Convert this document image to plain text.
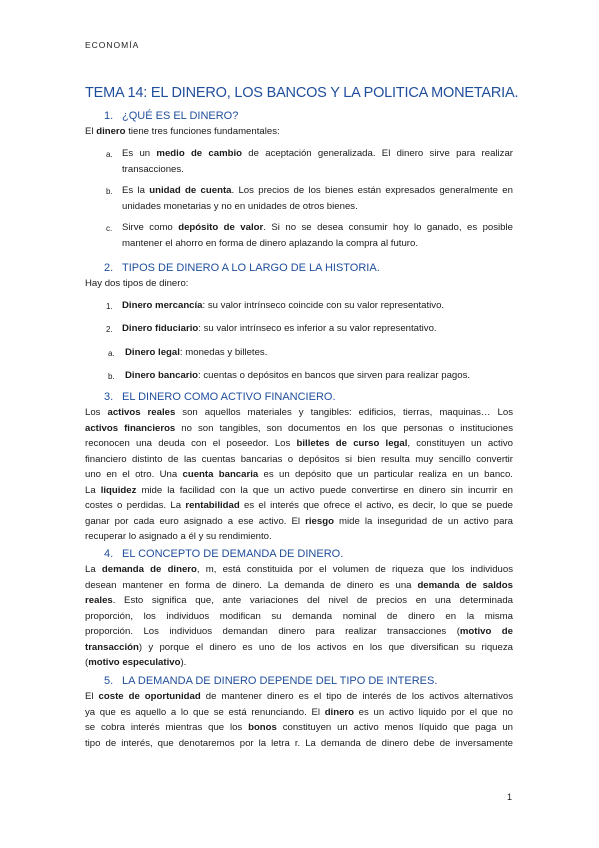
ECONOMÍA
TEMA 14: EL DINERO, LOS BANCOS Y LA POLITICA MONETARIA.
1. ¿QUÉ ES EL DINERO?
El dinero tiene tres funciones fundamentales:
a. Es un medio de cambio de aceptación generalizada. El dinero sirve para realizar
transacciones.
b. Es la unidad de cuenta. Los precios de los bienes están expresados generalmente en
unidades monetarias y no en unidades de otros bienes.
c. Sirve como depósito de valor. Si no se desea consumir hoy lo ganado, es posible
mantener el ahorro en forma de dinero aplazando la compra al futuro.
2. TIPOS DE DINERO A LO LARGO DE LA HISTORIA.
Hay dos tipos de dinero:
1. Dinero mercancía: su valor intrínseco coincide con su valor representativo.
2. Dinero fiduciario: su valor intrínseco es inferior a su valor representativo.
a. Dinero legal: monedas y billetes.
b. Dinero bancario: cuentas o depósitos en bancos que sirven para realizar pagos.
3. EL DINERO COMO ACTIVO FINANCIERO.
Los activos reales son aquellos materiales y tangibles: edificios, tierras, maquinas… Los
activos financieros no son tangibles, son documentos en los que personas o instituciones
reconocen una deuda con el poseedor. Los billetes de curso legal, constituyen un activo
financiero distinto de las cuentas bancarias o depósitos si bien resulta muy sencillo convertir
uno en el otro. Una cuenta bancaria es un depósito que un particular realiza en un banco.
La liquidez mide la facilidad con la que un activo puede convertirse en dinero sin incurrir en
costes o perdidas. La rentabilidad es el interés que ofrece el activo, es decir, lo que se puede
ganar por cada euro asignado a ese activo. El riesgo mide la inseguridad de un activo para
recuperar lo asignado a él y su rendimiento.
4. EL CONCEPTO DE DEMANDA DE DINERO.
La demanda de dinero, m, está constituida por el volumen de riqueza que los individuos
desean mantener en forma de dinero. La demanda de dinero es una demanda de saldos
reales. Esto significa que, ante variaciones del nivel de precios en una determinada
proporción, los individuos modifican su demanda nominal de dinero en la misma
proporción. Los individuos demandan dinero para realizar transacciones (motivo de
transacción) y porque el dinero es uno de los activos en los que diversifican su riqueza
(motivo especulativo).
5. LA DEMANDA DE DINERO DEPENDE DEL TIPO DE INTERES.
El coste de oportunidad de mantener dinero es el tipo de interés de los activos alternativos
ya que es aquello a lo que se está renunciando. El dinero es un activo liquido por el que no
se cobra interés mientras que los bonos constituyen un activo menos líquido que paga un
tipo de interés, que denotaremos por la letra r. La demanda de dinero debe de inversamente
1
